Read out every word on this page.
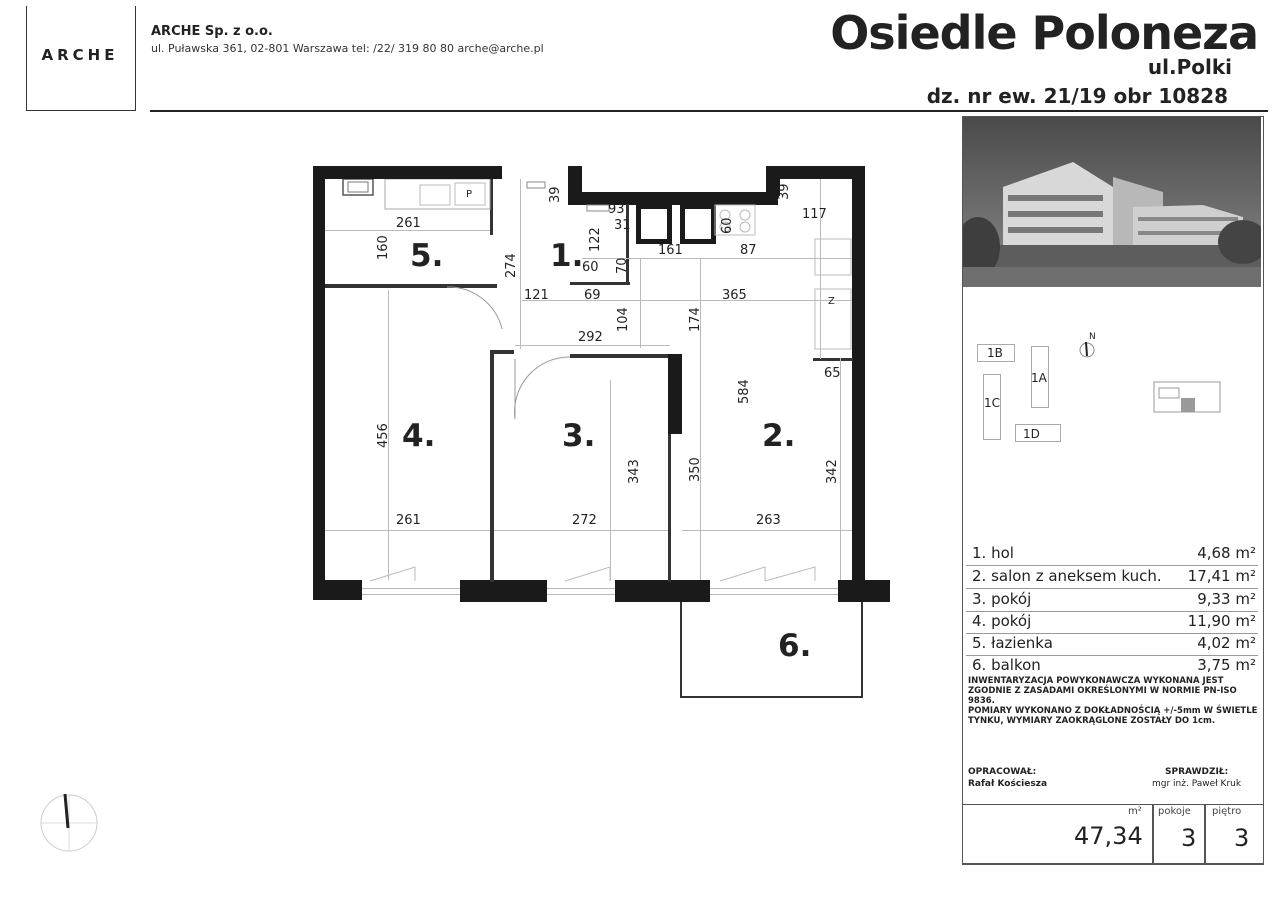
ARCHE
ARCHE Sp. z o.o.
ul. Puławska 361, 02-801 Warszawa tel: /22/ 319 80 80 arche@arche.pl	Osiedle Poloneza
ul.Polki
dz. nr ew. 21/19 obr 10828
5.	1.
4.	3.	2.
6.
261
160
274
39
93
31
122
60 70
161	87
60
39
117
121	69	365
292
104	174
584
65
456
343	350	342
261	272	263
P
Z
1B
1A
1C
1D
N
1. hol	4,68 m²
2. salon z aneksem kuch. 17,41 m²
3. pokój	9,33 m²
4. pokój	11,90 m²
5. łazienka	4,02 m²
6. balkon	3,75 m²
INWENTARYZACJA POWYKONAWCZA WYKONANA JEST ZGODNIE Z ZASADAMI OKREŚLONYMI W NORMIE PN-ISO 9836.
POMIARY WYKONANO Z DOKŁADNOŚCIĄ +/-5mm W ŚWIETLE TYNKU, WYMIARY ZAOKRĄGLONE ZOSTAŁY DO 1cm.
OPRACOWAŁ:
Rafał Kościesza
SPRAWDZIŁ:
mgr inż. Paweł Kruk
m²
47,34
pokoje
3
piętro
3
